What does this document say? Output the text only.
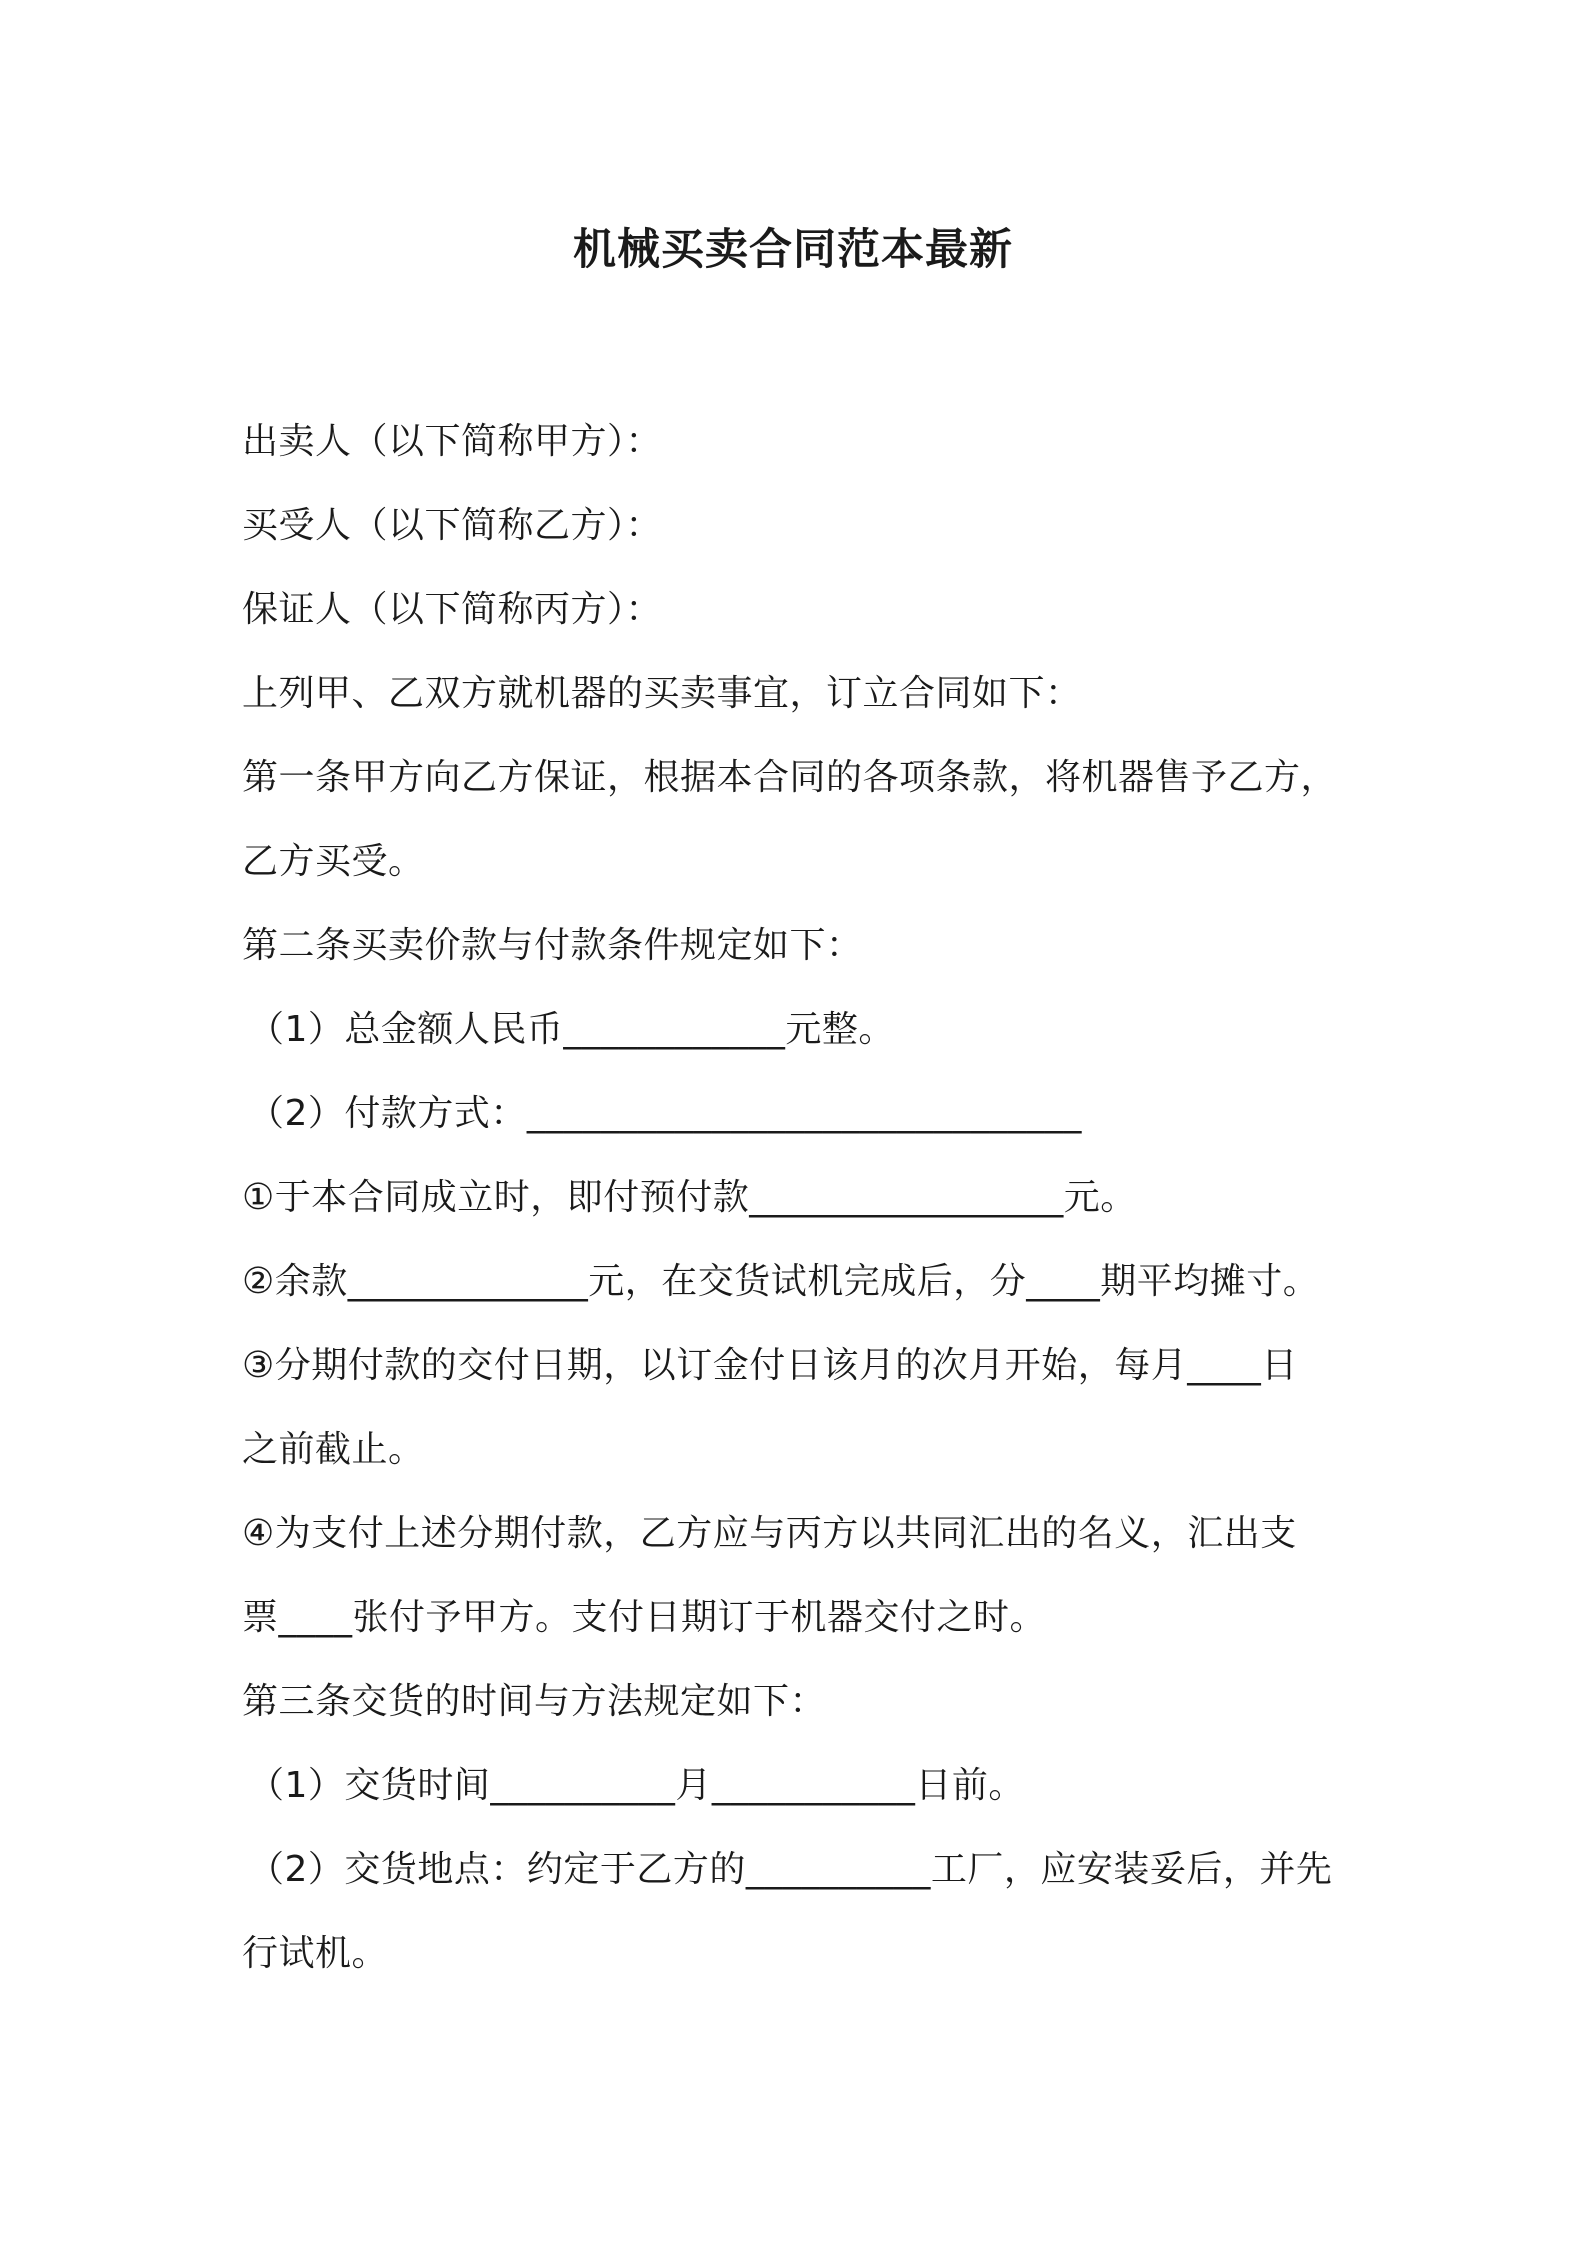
机械买卖合同范本最新
出卖人（以下简称甲方）：
买受人（以下简称乙方）：
保证人（以下简称丙方）：
上列甲、乙双方就机器的买卖事宜，订立合同如下：
第一条甲方向乙方保证，根据本合同的各项条款，将机器售予乙方，
乙方买受。
第二条买卖价款与付款条件规定如下：
（1）总金额人民币____________元整。
（2）付款方式：______________________________
①于本合同成立时，即付预付款_________________元。
②余款_____________元，在交货试机完成后，分____期平均摊寸。
③分期付款的交付日期，以订金付日该月的次月开始，每月____日
之前截止。
④为支付上述分期付款，乙方应与丙方以共同汇出的名义，汇出支
票____张付予甲方。支付日期订于机器交付之时。
第三条交货的时间与方法规定如下：
（1）交货时间__________月___________日前。
（2）交货地点：约定于乙方的__________工厂，应安装妥后，并先
行试机。
